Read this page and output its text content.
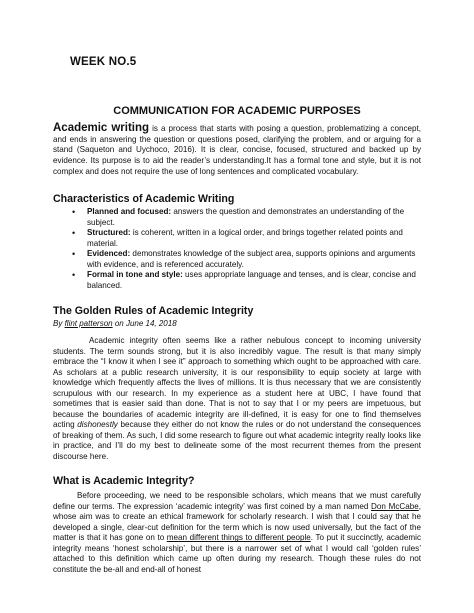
WEEK NO.5
COMMUNICATION FOR ACADEMIC PURPOSES

Academic writing is a process that starts with posing a question, problematizing a concept, and ends in answering the question or questions posed, clarifying the problem, and or arguing for a stand (Saqueton and Uychoco, 2016). It is clear, concise, focused, structured and backed up by evidence. Its purpose is to aid the reader’s understanding.It has a formal tone and style, but it is not complex and does not require the use of long sentences and complicated vocabulary.

Characteristics of Academic Writing
• Planned and focused: answers the question and demonstrates an understanding of the subject.
• Structured: is coherent, written in a logical order, and brings together related points and material.
• Evidenced: demonstrates knowledge of the subject area, supports opinions and arguments with evidence, and is referenced accurately.
• Formal in tone and style: uses appropriate language and tenses, and is clear, concise and balanced.
The Golden Rules of Academic Integrity
By flint patterson on June 14, 2018

Academic integrity often seems like a rather nebulous concept to incoming university students. The term sounds strong, but it is also incredibly vague. The result is that many simply embrace the “I know it when I see it” approach to something which ought to be approached with care. As scholars at a public research university, it is our responsibility to equip society at large with knowledge which frequently affects the lives of millions. It is thus necessary that we are consistently scrupulous with our research. In my experience as a student here at UBC, I have found that sometimes that is easier said than done. That is not to say that I or my peers are impetuous, but because the boundaries of academic integrity are ill-defined, it is easy for one to find themselves acting dishonestly because they either do not know the rules or do not understand the consequences of breaking of them. As such, I did some research to figure out what academic integrity really looks like in practice, and I’ll do my best to delineate some of the most recurrent themes from the present discourse here.

What is Academic Integrity?

Before proceeding, we need to be responsible scholars, which means that we must carefully define our terms. The expression ‘academic integrity’ was first coined by a man named Don McCabe, whose aim was to create an ethical framework for scholarly research. I wish that I could say that he developed a single, clear-cut definition for the term which is now used universally, but the fact of the matter is that it has gone on to mean different things to different people. To put it succinctly, academic integrity means ‘honest scholarship’, but there is a narrower set of what I would call ‘golden rules’ attached to this definition which came up often during my research. Though these rules do not constitute the be-all and end-all of honest
